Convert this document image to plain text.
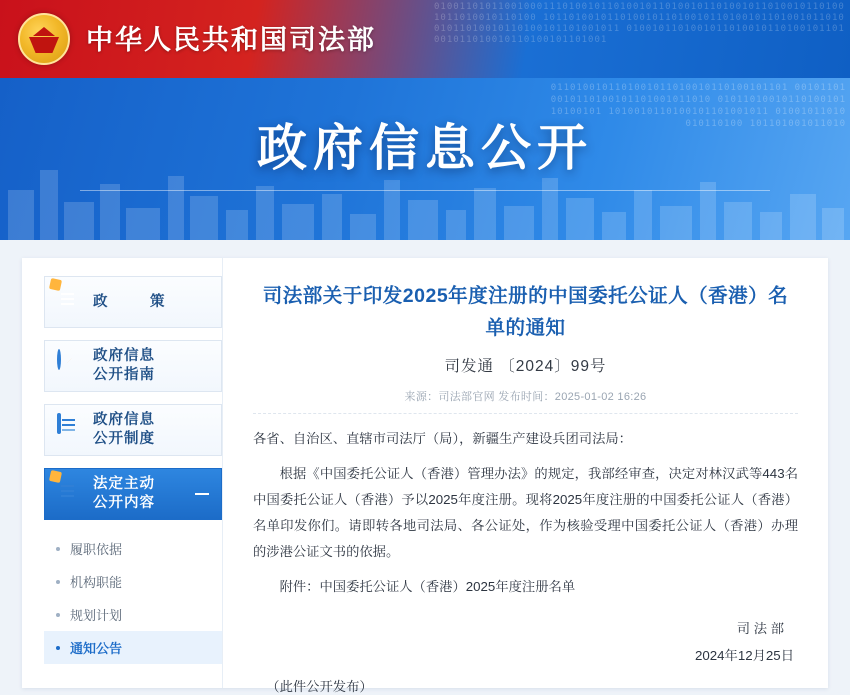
01001101011001000111010010110100101101001011010010110100101101001011010010110100 1011010010110100101101001011010010110100101101001011010010110100101101001011 0100101101001011010010110100101101001011010010110100101101001
中华人民共和国司法部
0110100101101001011010010110100101101 001011010010110100101101001011010 0101101001011010010110100101 1010010110100101101001011 01001011010010110100 101101001011010
政府信息公开
政　策
政府信息
公开指南
政府信息
公开制度
法定主动
公开内容
履职依据
机构职能
规划计划
通知公告
司法部关于印发2025年度注册的中国委托公证人（香港）名单的通知
司发通 〔2024〕99号
来源：司法部官网 发布时间：2025-01-02 16:26

各省、自治区、直辖市司法厅（局），新疆生产建设兵团司法局：

根据《中国委托公证人（香港）管理办法》的规定，我部经审查，决定对林汉武等443名中国委托公证人（香港）予以2025年度注册。现将2025年度注册的中国委托公证人（香港）名单印发你们。请即转各地司法局、各公证处，作为核验受理中国委托公证人（香港）办理的涉港公证文书的依据。

附件：中国委托公证人（香港）2025年度注册名单

司 法 部
2024年12月25日
（此件公开发布）
